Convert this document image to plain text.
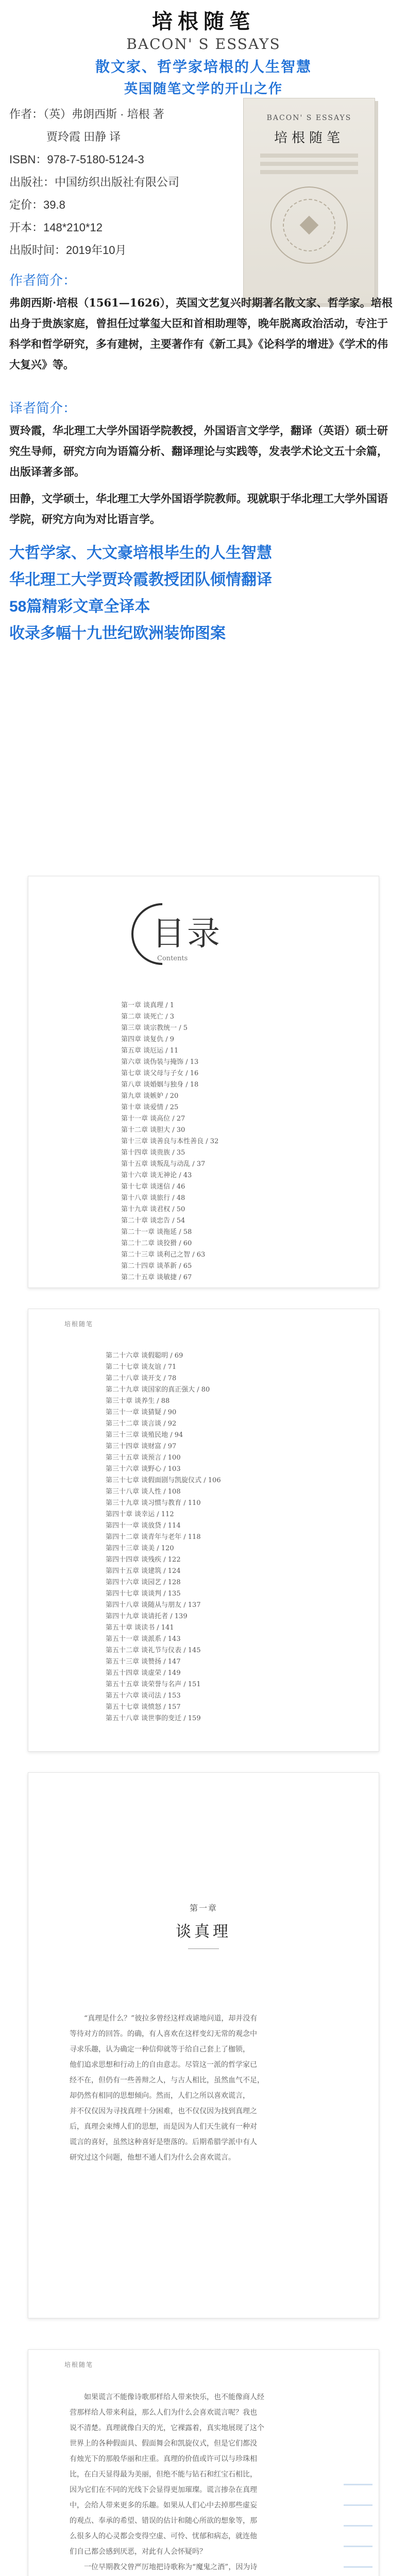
培根随笔
BACON' S ESSAYS
散文家、哲学家培根的人生智慧
英国随笔文学的开山之作
作者：（英）弗朗西斯 · 培根 著
贾玲霞 田静 译
ISBN：978-7-5180-5124-3
出版社：中国纺织出版社有限公司
定价：39.8
开本：148*210*12
出版时间：2019年10月
BACON' S ESSAYS
培根随笔
作者简介：
弗朗西斯·培根（1561—1626），英国文艺复兴时期著名散文家、哲学家。培根出身于贵族家庭，曾担任过掌玺大臣和首相助理等，晚年脱离政治活动，专注于科学和哲学研究，多有建树，主要著作有《新工具》《论科学的增进》《学术的伟大复兴》等。
译者简介：
贾玲霞，华北理工大学外国语学院教授，外国语言文学学，翻译（英语）硕士研究生导师，研究方向为语篇分析、翻译理论与实践等，发表学术论文五十余篇，出版译著多部。
田静，文学硕士，华北理工大学外国语学院教师。现就职于华北理工大学外国语学院，研究方向为对比语言学。
大哲学家、大文豪培根毕生的人生智慧
华北理工大学贾玲霞教授团队倾情翻译
58篇精彩文章全译本
收录多幅十九世纪欧洲装饰图案
目录
Contents
第一章 谈真理 / 1
第二章 谈死亡 / 3
第三章 谈宗教统一 / 5
第四章 谈复仇 / 9
第五章 谈厄运 / 11
第六章 谈伪装与掩饰 / 13
第七章 谈父母与子女 / 16
第八章 谈婚姻与独身 / 18
第九章 谈嫉妒 / 20
第十章 谈爱情 / 25
第十一章 谈高位 / 27
第十二章 谈胆大 / 30
第十三章 谈善良与本性善良 / 32
第十四章 谈贵族 / 35
第十五章 谈叛乱与动乱 / 37
第十六章 谈无神论 / 43
第十七章 谈迷信 / 46
第十八章 谈旅行 / 48
第十九章 谈君权 / 50
第二十章 谈忠告 / 54
第二十一章 谈拖延 / 58
第二十二章 谈狡猾 / 60
第二十三章 谈利己之智 / 63
第二十四章 谈革新 / 65
第二十五章 谈敏捷 / 67
培根随笔
第二十六章 谈假聪明 / 69
第二十七章 谈友谊 / 71
第二十八章 谈开支 / 78
第二十九章 谈国家的真正强大 / 80
第三十章 谈养生 / 88
第三十一章 谈猜疑 / 90
第三十二章 谈言谈 / 92
第三十三章 谈殖民地 / 94
第三十四章 谈财富 / 97
第三十五章 谈预言 / 100
第三十六章 谈野心 / 103
第三十七章 谈假面剧与凯旋仪式 / 106
第三十八章 谈人性 / 108
第三十九章 谈习惯与教育 / 110
第四十章 谈幸运 / 112
第四十一章 谈放贷 / 114
第四十二章 谈青年与老年 / 118
第四十三章 谈美 / 120
第四十四章 谈残疾 / 122
第四十五章 谈建筑 / 124
第四十六章 谈园艺 / 128
第四十七章 谈谈判 / 135
第四十八章 谈随从与朋友 / 137
第四十九章 谈请托者 / 139
第五十章 谈读书 / 141
第五十一章 谈派系 / 143
第五十二章 谈礼节与仪表 / 145
第五十三章 谈赞扬 / 147
第五十四章 谈虚荣 / 149
第五十五章 谈荣誉与名声 / 151
第五十六章 谈司法 / 153
第五十七章 谈愤怒 / 157
第五十八章 谈世事的变迁 / 159
第一章
谈真理
“真理是什么？”彼拉多曾经这样戏谑地问道，却并没有
等待对方的回答。的确，有人喜欢在这样变幻无常的观念中
寻求乐趣，认为确定一种信仰就等于给自己套上了枷锁，
他们追求思想和行动上的自由意志。尽管这一派的哲学家已
经不在，但仍有一些善辩之人，与古人相比，虽然血气不足，
却仍然有相同的思想倾向。然而，人们之所以喜欢谎言，
并不仅仅因为寻找真理十分困难，也不仅仅因为找到真理之
后，真理会束缚人们的思想，而是因为人们天生就有一种对
谎言的喜好，虽然这种喜好是堕落的。后期希腊学派中有人
研究过这个问题，他想不通人们为什么会喜欢谎言。
培根随笔
如果谎言不能像诗歌那样给人带来快乐，也不能像商人经
营那样给人带来利益，那么人们为什么会喜欢谎言呢？我也
说不清楚。真理就像白天的光，它裸露着，真实地展现了这个
世界上的各种假面具、假面舞会和凯旋仪式，但是它们都没
有烛光下的那般华丽和庄重。真理的价值或许可以与珍珠相
比，在白天显得最为美丽，但绝不能与钻石和红宝石相比，
因为它们在不同的光线下会显得更加璀璨。谎言掺杂在真理
中，会给人带来更多的乐趣。如果从人们心中去掉那些虚妄
的观点、奉承的希望、错误的估计和随心所欲的想象等，那
么很多人的心灵都会变得空虚、可怜、忧郁和病态，就连他
们自己都会感到厌恶，对此有人会怀疑吗？
一位早期教父曾严厉地把诗歌称为“魔鬼之酒”，因为诗
